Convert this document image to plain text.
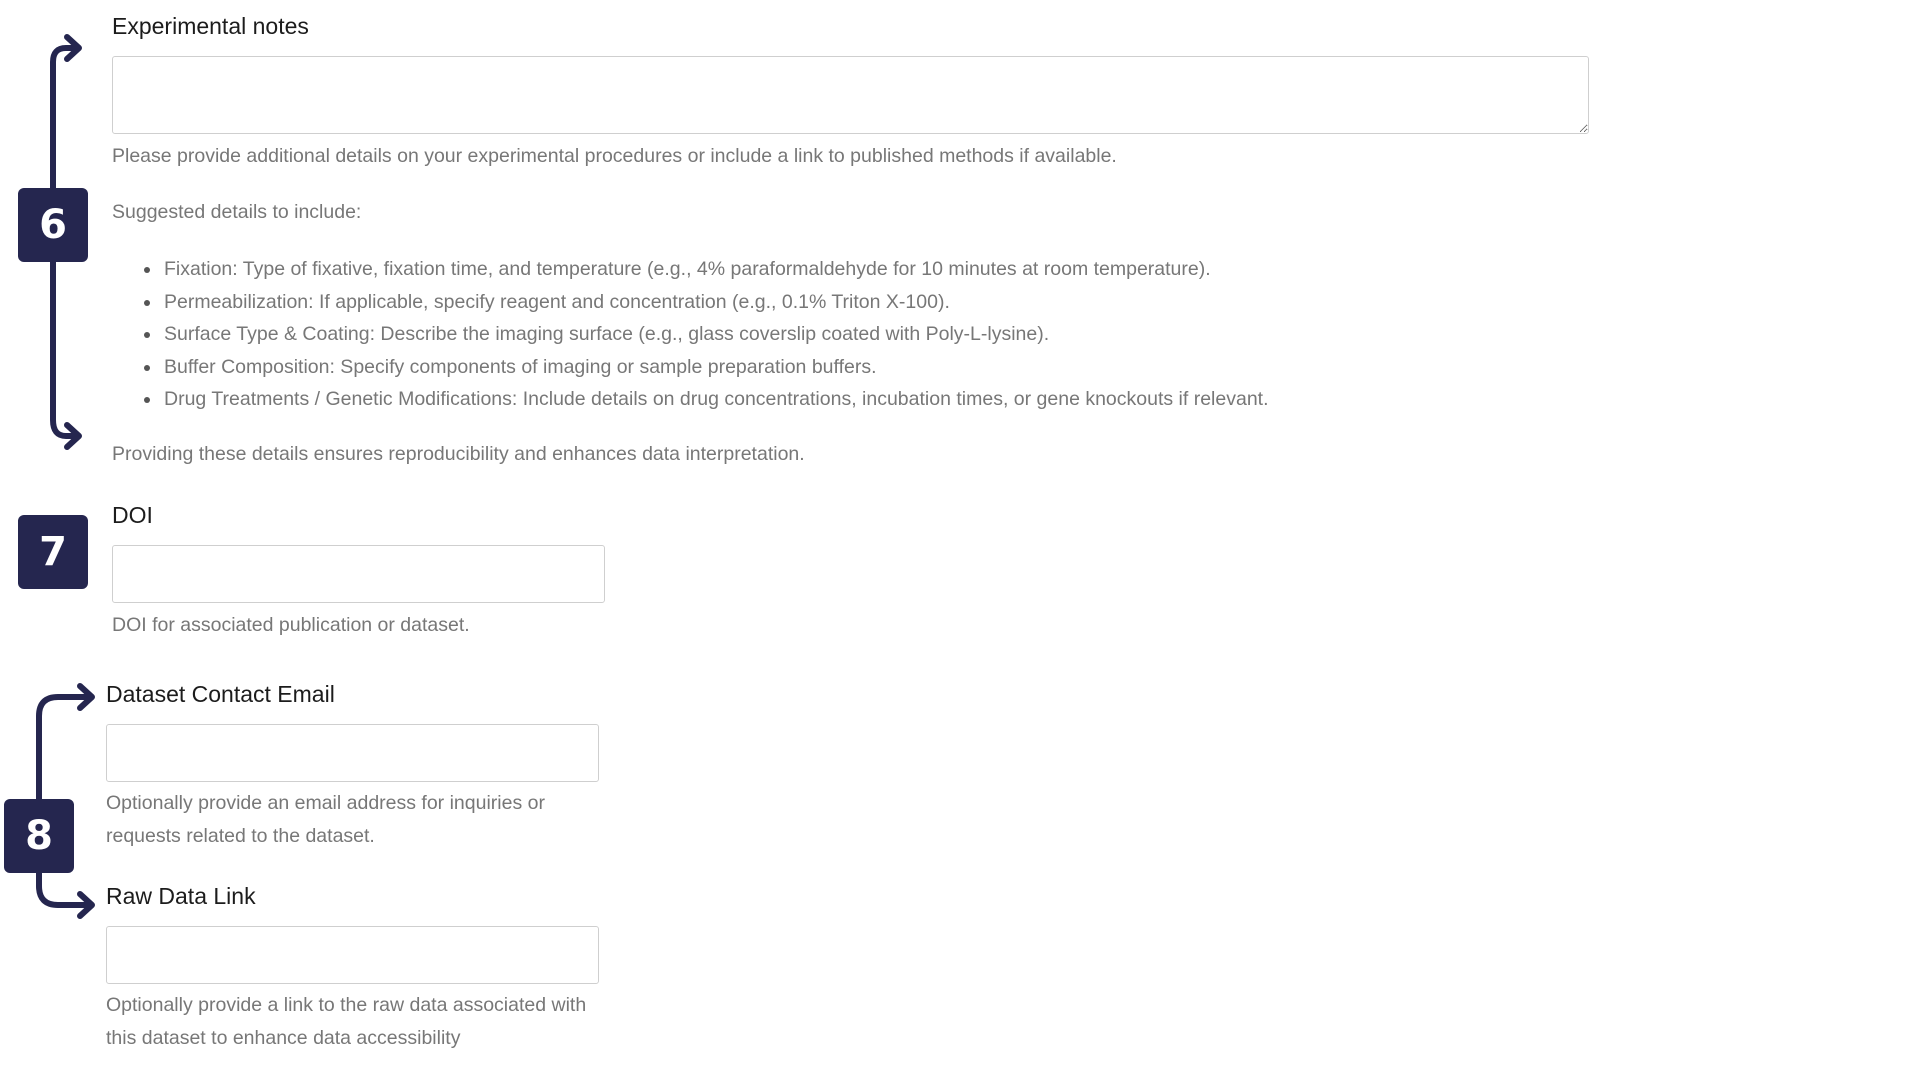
6
Experimental notes
Please provide additional details on your experimental procedures or include a link to published methods if available.
Suggested details to include:
• Fixation: Type of fixative, fixation time, and temperature (e.g., 4% paraformaldehyde for 10 minutes at room temperature).
• Permeabilization: If applicable, specify reagent and concentration (e.g., 0.1% Triton X-100).
• Surface Type & Coating: Describe the imaging surface (e.g., glass coverslip coated with Poly-L-lysine).
• Buffer Composition: Specify components of imaging or sample preparation buffers.
• Drug Treatments / Genetic Modifications: Include details on drug concentrations, incubation times, or gene knockouts if relevant.
Providing these details ensures reproducibility and enhances data interpretation.
7
DOI
DOI for associated publication or dataset.
8
Dataset Contact Email
Optionally provide an email address for inquiries or requests related to the dataset.
Raw Data Link
Optionally provide a link to the raw data associated with this dataset to enhance data accessibility
